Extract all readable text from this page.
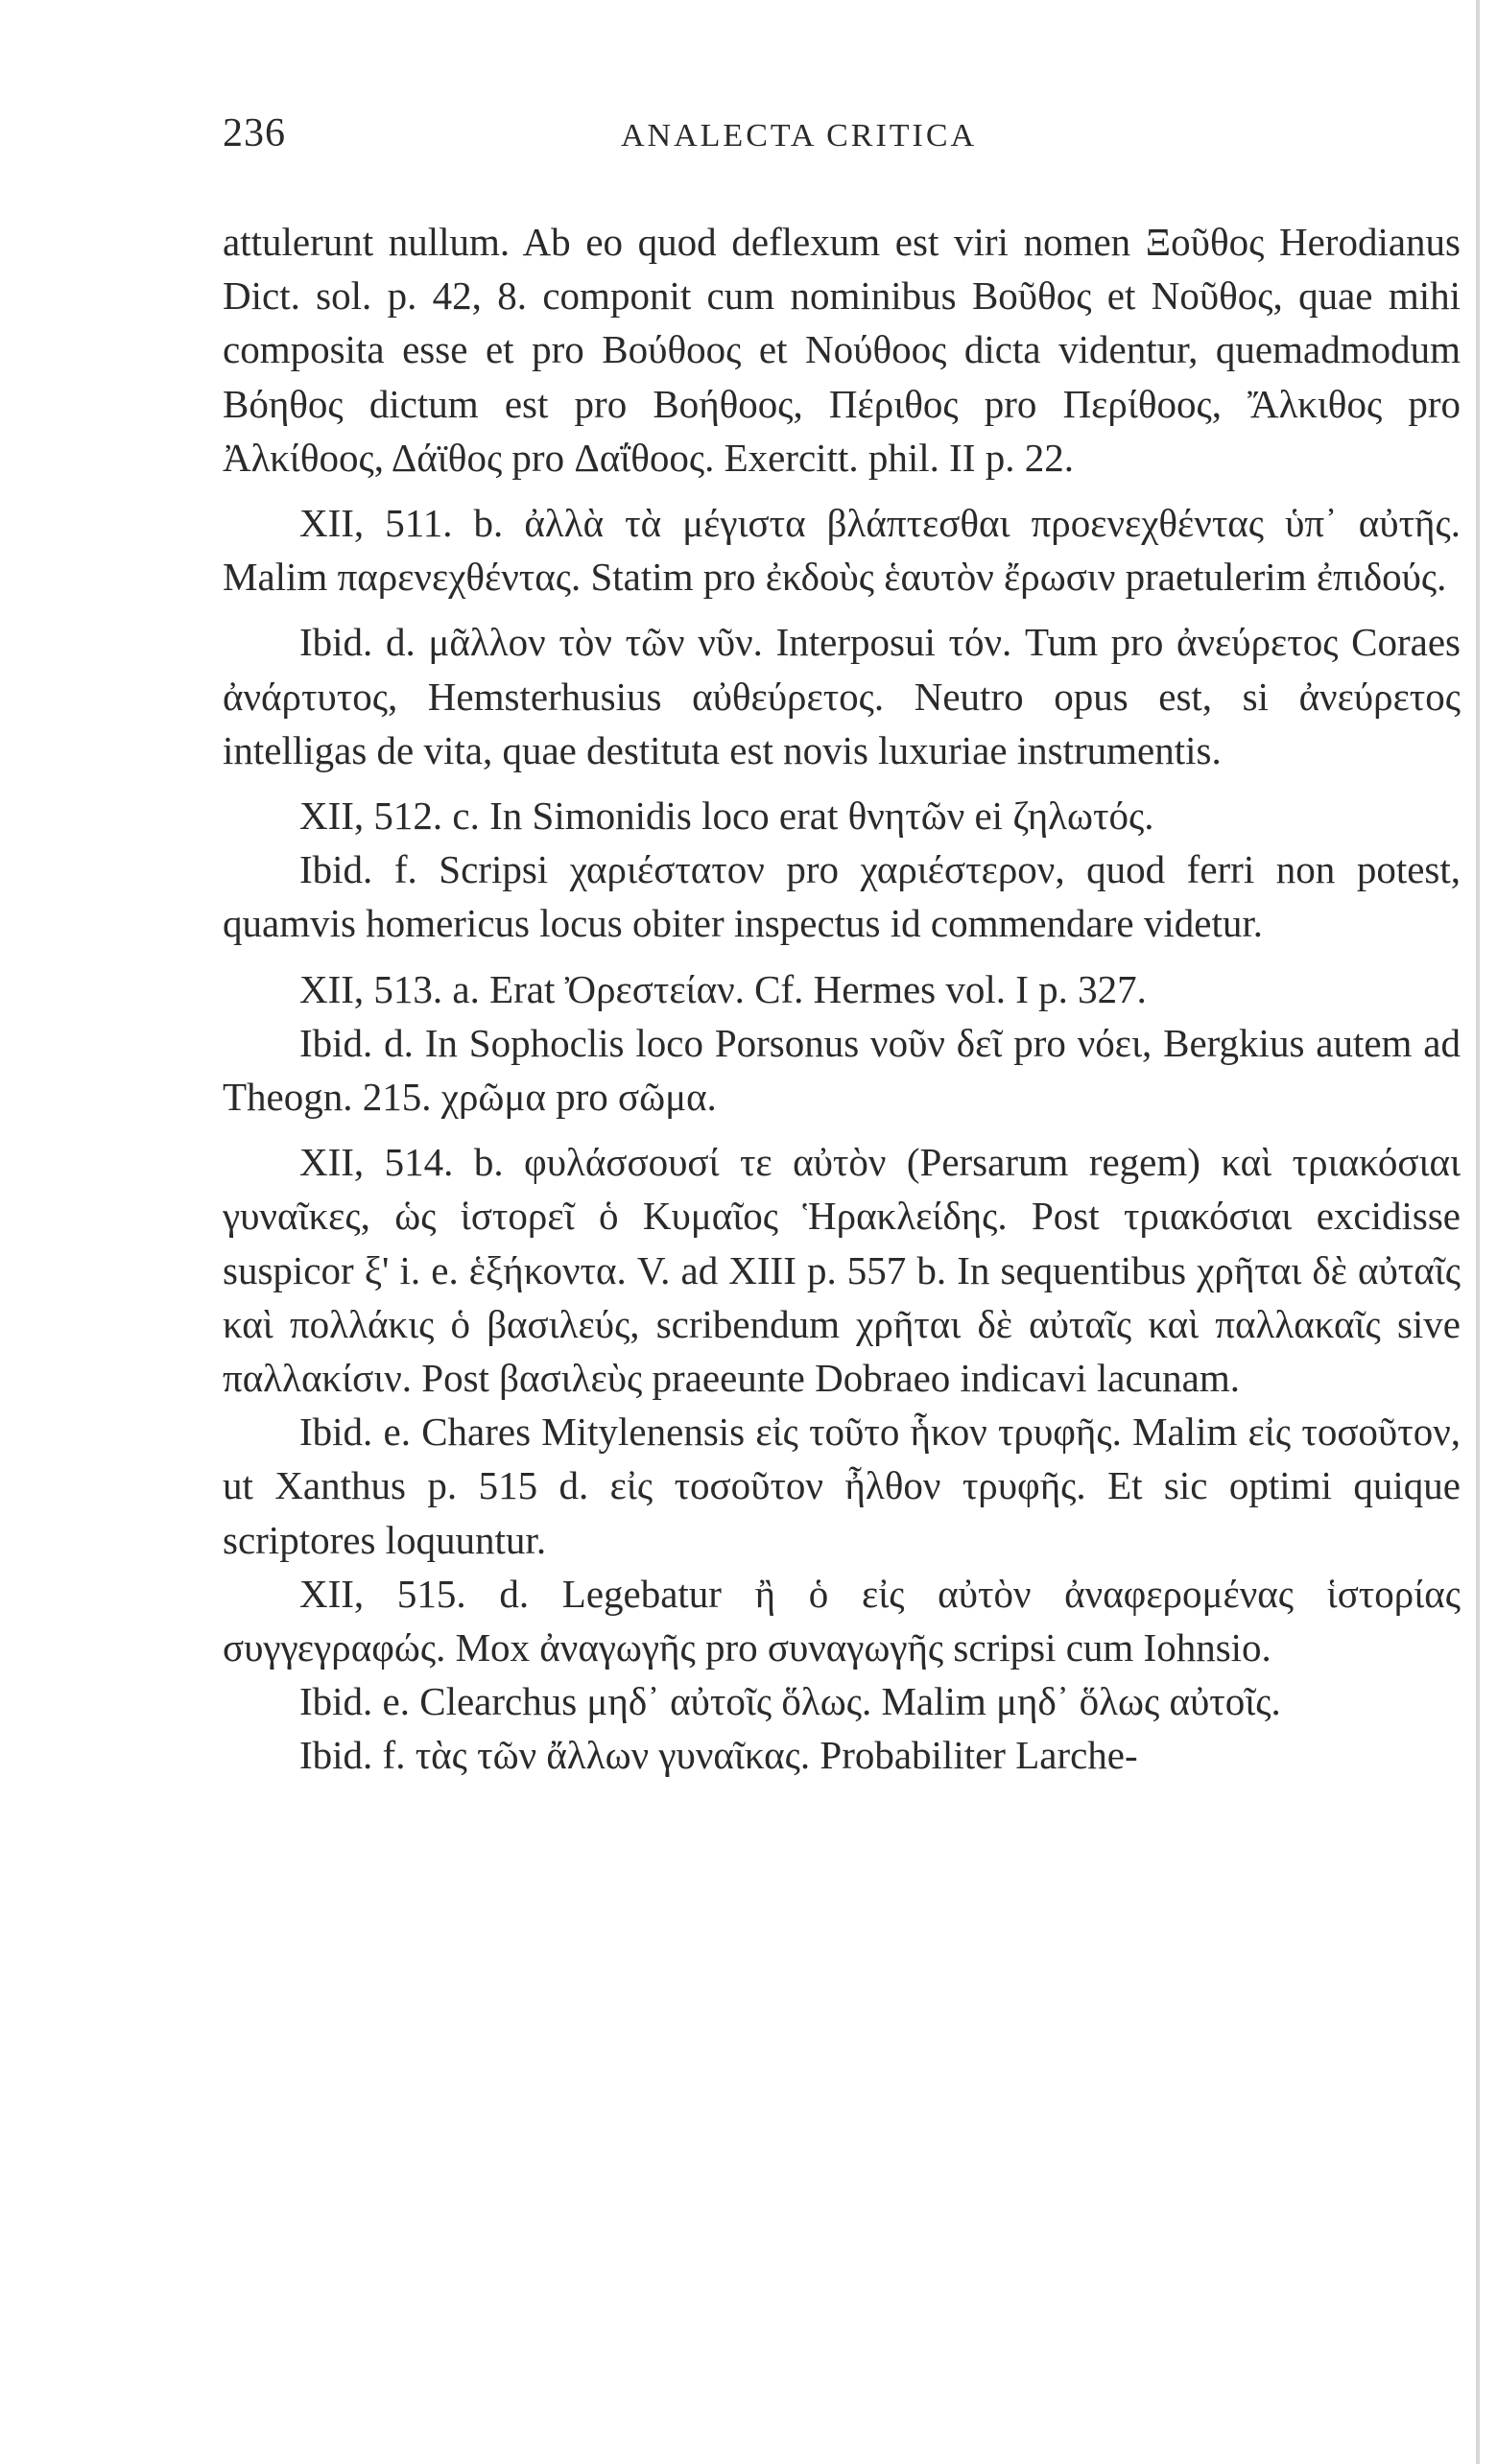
236	ANALECTA CRITICA

attulerunt nullum. Ab eo quod deflexum est viri nomen Ξοῦθος Herodianus Dict. sol. p. 42, 8. componit cum nominibus Βοῦθος et Νοῦθος, quae mihi composita esse et pro Βούθοος et Νούθοος dicta videntur, quemadmodum Βόηθος dictum est pro Βοήθοος, Πέριθος pro Περίθοος, Ἄλκιθος pro Ἀλκίθοος, Δάϊθος pro Δαΐθοος. Exercitt. phil. II p. 22.

XII, 511. b. ἀλλὰ τὰ μέγιστα βλάπτεσθαι προενεχθέντας ὑπ᾽ αὐτῆς. Malim παρενεχθέντας. Statim pro ἐκδοὺς ἑαυτὸν ἔρωσιν praetulerim ἐπιδούς.

Ibid. d. μᾶλλον τὸν τῶν νῦν. Interposui τόν. Tum pro ἀνεύρετος Coraes ἀνάρτυτος, Hemsterhusius αὐθεύρετος. Neutro opus est, si ἀνεύρετος intelligas de vita, quae destituta est novis luxuriae instrumentis.

XII, 512. c. In Simonidis loco erat θνητῶν ei ζηλωτός.

Ibid. f. Scripsi χαριέστατον pro χαριέστερον, quod ferri non potest, quamvis homericus locus obiter inspectus id commendare videtur.

XII, 513. a. Erat Ὀρεστείαν. Cf. Hermes vol. I p. 327.

Ibid. d. In Sophoclis loco Porsonus νοῦν δεῖ pro νόει, Bergkius autem ad Theogn. 215. χρῶμα pro σῶμα.

XII, 514. b. φυλάσσουσί τε αὐτὸν (Persarum regem) καὶ τριακόσιαι γυναῖκες, ὡς ἱστορεῖ ὁ Κυμαῖος Ἡρακλείδης. Post τριακόσιαι excidisse suspicor ξ' i. e. ἑξήκοντα. V. ad XIII p. 557 b. In sequentibus χρῆται δὲ αὐταῖς καὶ πολλάκις ὁ βασιλεύς, scribendum χρῆται δὲ αὐταῖς καὶ παλλακαῖς sive παλλακίσιν. Post βασιλεὺς praeeunte Dobraeo indicavi lacunam.

Ibid. e. Chares Mitylenensis εἰς τοῦτο ἧκον τρυφῆς. Malim εἰς τοσοῦτον, ut Xanthus p. 515 d. εἰς τοσοῦτον ἦλθον τρυφῆς. Et sic optimi quique scriptores loquuntur.

XII, 515. d. Legebatur ἢ ὁ εἰς αὐτὸν ἀναφερομένας ἱστορίας συγγεγραφώς. Mox ἀναγωγῆς pro συναγωγῆς scripsi cum Iohnsio.

Ibid. e. Clearchus μηδ᾽ αὐτοῖς ὅλως. Malim μηδ᾽ ὅλως αὐτοῖς.

Ibid. f. τὰς τῶν ἄλλων γυναῖκας. Probabiliter Larche-
